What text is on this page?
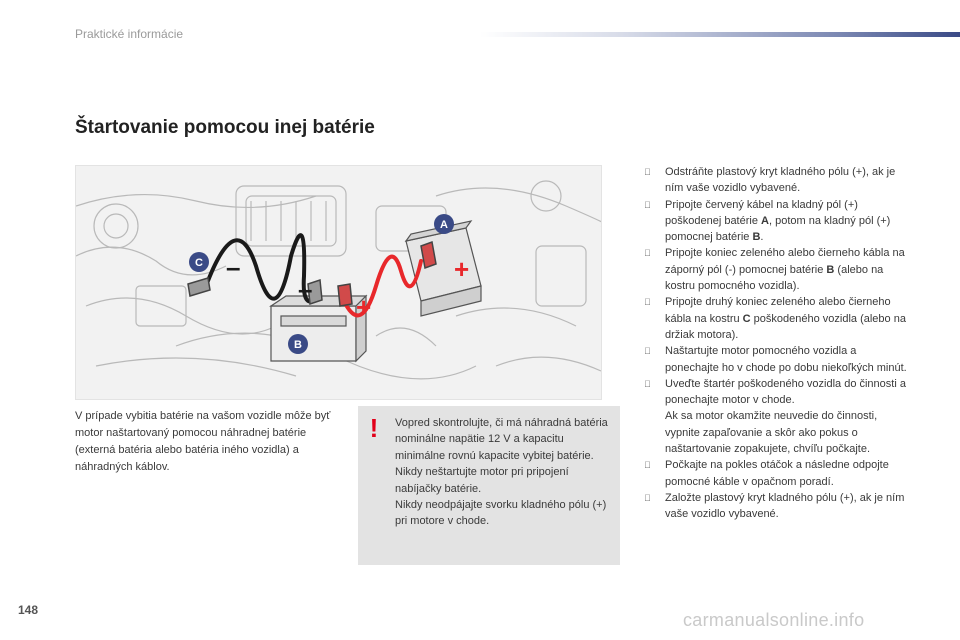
Praktické informácie
Štartovanie pomocou inej batérie
A
B
C	+
+
–
–

V prípade vybitia batérie na vašom vozidle môže byť motor naštartovaný pomocou náhradnej batérie (externá batéria alebo batéria iného vozidla) a náhradných káblov.

! Vopred skontrolujte, či má náhradná batéria nominálne napätie 12 V a kapacitu minimálne rovnú kapacite vybitej batérie.
Nikdy neštartujte motor pri pripojení nabíjačky batérie.
Nikdy neodpájajte svorku kladného pólu (+) pri motore v chode.
Odstráňte plastový kryt kladného pólu (+), ak je ním vaše vozidlo vybavené.
Pripojte červený kábel na kladný pól (+) poškodenej batérie A, potom na kladný pól (+) pomocnej batérie B.
Pripojte koniec zeleného alebo čierneho kábla na záporný pól (-) pomocnej batérie B (alebo na kostru pomocného vozidla).
Pripojte druhý koniec zeleného alebo čierneho kábla na kostru C poškodeného vozidla (alebo na držiak motora).
Naštartujte motor pomocného vozidla a ponechajte ho v chode po dobu niekoľkých minút.
Uveďte štartér poškodeného vozidla do činnosti a ponechajte motor v chode.
Ak sa motor okamžite neuvedie do činnosti, vypnite zapaľovanie a skôr ako pokus o naštartovanie zopakujete, chvíľu počkajte.
Počkajte na pokles otáčok a následne odpojte pomocné káble v opačnom poradí.
Založte plastový kryt kladného pólu (+), ak je ním vaše vozidlo vybavené.
148	carmanualsonline.info
